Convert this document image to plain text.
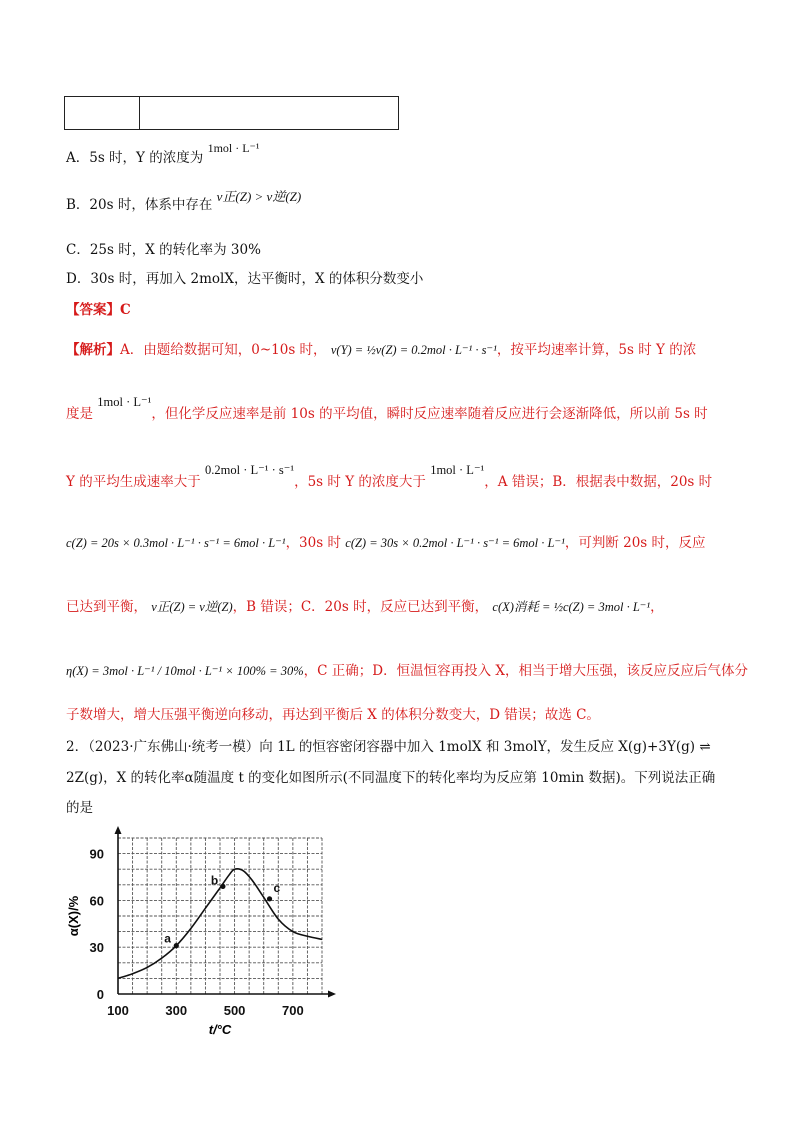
A．5s 时，Y 的浓度为 1mol · L⁻¹
B．20s 时，体系中存在 v正(Z) > v逆(Z)
C．25s 时，X 的转化率为 30%
D．30s 时，再加入 2molX，达平衡时，X 的体积分数变小
【答案】C
【解析】A．由题给数据可知，0~10s 时， v(Y) = ½v(Z) = 0.2mol · L⁻¹ · s⁻¹，按平均速率计算，5s 时 Y 的浓
度是 1mol · L⁻¹，但化学反应速率是前 10s 的平均值，瞬时反应速率随着反应进行会逐渐降低，所以前 5s 时
Y 的平均生成速率大于 0.2mol · L⁻¹ · s⁻¹，5s 时 Y 的浓度大于 1mol · L⁻¹，A 错误；B．根据表中数据，20s 时
c(Z) = 20s × 0.3mol · L⁻¹ · s⁻¹ = 6mol · L⁻¹，30s 时 c(Z) = 30s × 0.2mol · L⁻¹ · s⁻¹ = 6mol · L⁻¹，可判断 20s 时，反应
已达到平衡， v正(Z) = v逆(Z)，B 错误；C．20s 时，反应已达到平衡， c(X)消耗 = ½c(Z) = 3mol · L⁻¹，
η(X) = 3mol · L⁻¹ / 10mol · L⁻¹ × 100% = 30%，C 正确；D．恒温恒容再投入 X，相当于增大压强，该反应反应后气体分
子数增大，增大压强平衡逆向移动，再达到平衡后 X 的体积分数变大，D 错误；故选 C。
2．（2023·广东佛山·统考一模）向 1L 的恒容密闭容器中加入 1molX 和 3molY，发生反应 X(g)+3Y(g) ⇌
2Z(g)，X 的转化率α随温度 t 的变化如图所示(不同温度下的转化率均为反应第 10min 数据)。下列说法正确
的是
100	300	500	700
0
30
60
90
a
b
c
t/°C
α(X)/%
